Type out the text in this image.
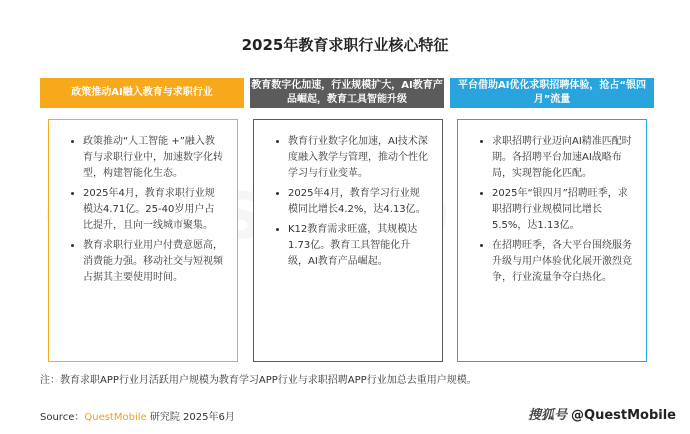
2025年教育求职行业核心特征
政策推动AI融入教育与求职行业
• 政策推动“人工智能 +”融入教育与求职行业中，加速数字化转型，构建智能化生态。
• 2025年4月，教育求职行业规模达4.71亿。25-40岁用户占比提升，且向一线城市聚集。
• 教育求职行业用户付费意愿高，消费能力强。移动社交与短视频占据其主要使用时间。
教育数字化加速，行业规模扩大，AI教育产品崛起，教育工具智能升级
• 教育行业数字化加速，AI技术深度融入教学与管理，推动个性化学习与行业变革。
• 2025年4月，教育学习行业规模同比增长4.2%，达4.13亿。
• K12教育需求旺盛，其规模达1.73亿。教育工具智能化升级，AI教育产品崛起。
平台借助AI优化求职招聘体验，抢占“银四月”流量
• 求职招聘行业迈向AI精准匹配时期。各招聘平台加速AI战略布局，实现智能化匹配。
• 2025年“银四月”招聘旺季，求职招聘行业规模同比增长5.5%，达1.13亿。
• 在招聘旺季，各大平台围绕服务升级与用户体验优化展开激烈竞争，行业流量争夺白热化。
注：教育求职APP行业月活跃用户规模为教育学习APP行业与求职招聘APP行业加总去重用户规模。
Source：QuestMobile 研究院 2025年6月	搜狐号 @QuestMobile
